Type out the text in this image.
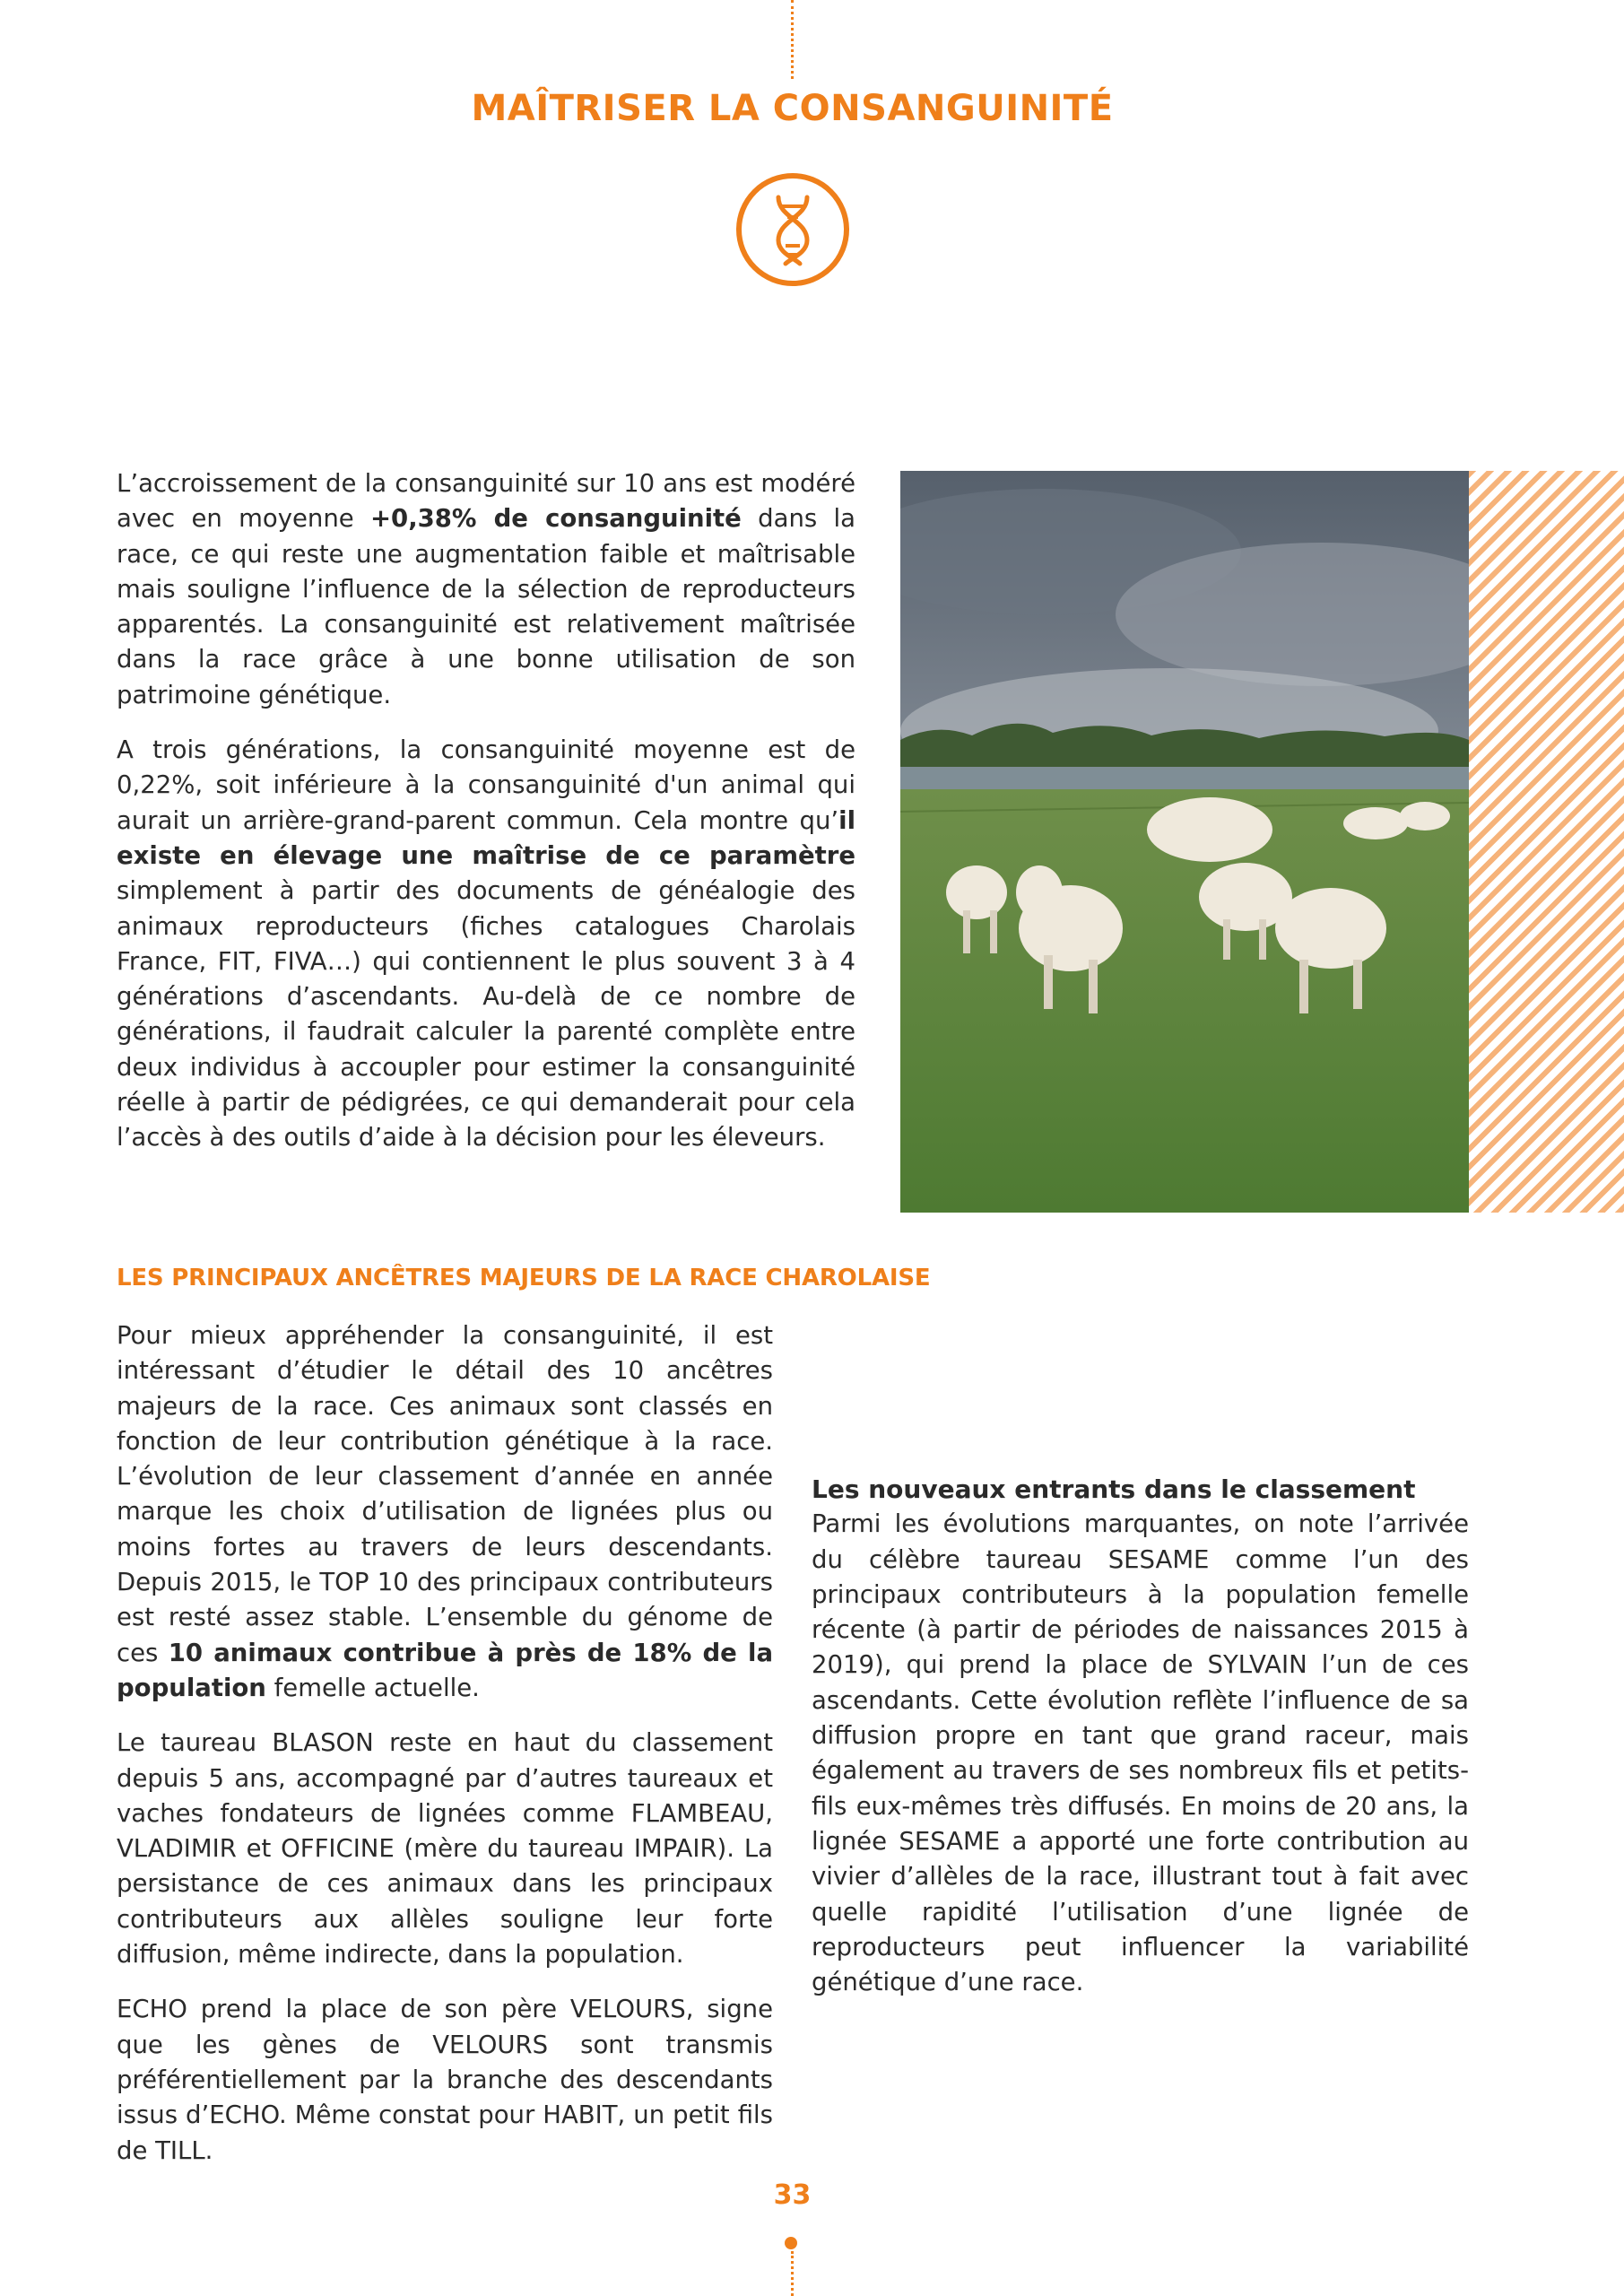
MAÎTRISER LA CONSANGUINITÉ

L’accroissement de la consanguinité sur 10 ans est modéré avec en moyenne +0,38% de consanguinité dans la race, ce qui reste une augmentation faible et maîtrisable mais souligne l’influence de la sélection de reproducteurs apparentés. La consanguinité est relativement maîtrisée dans la race grâce à une bonne utilisation de son patrimoine génétique.

A trois générations, la consanguinité moyenne est de 0,22%, soit inférieure à la consanguinité d'un animal qui aurait un arrière-grand-parent commun. Cela montre qu’il existe en élevage une maîtrise de ce paramètre simplement à partir des documents de généalogie des animaux reproducteurs (fiches catalogues Charolais France, FIT, FIVA…) qui contiennent le plus souvent 3 à 4 générations d’ascendants. Au-delà de ce nombre de générations, il faudrait calculer la parenté complète entre deux individus à accoupler pour estimer la consanguinité réelle à partir de pédigrées, ce qui demanderait pour cela l’accès à des outils d’aide à la décision pour les éleveurs.

LES PRINCIPAUX ANCÊTRES MAJEURS DE LA RACE CHAROLAISE

Pour mieux appréhender la consanguinité, il est intéressant d’étudier le détail des 10 ancêtres majeurs de la race. Ces animaux sont classés en fonction de leur contribution génétique à la race. L’évolution de leur classement d’année en année marque les choix d’utilisation de lignées plus ou moins fortes au travers de leurs descendants. Depuis 2015, le TOP 10 des principaux contributeurs est resté assez stable. L’ensemble du génome de ces 10 animaux contribue à près de 18% de la population femelle actuelle.

Le taureau BLASON reste en haut du classement depuis 5 ans, accompagné par d’autres taureaux et vaches fondateurs de lignées comme FLAMBEAU, VLADIMIR et OFFICINE (mère du taureau IMPAIR). La persistance de ces animaux dans les principaux contributeurs aux allèles souligne leur forte diffusion, même indirecte, dans la population.

ECHO prend la place de son père VELOURS, signe que les gènes de VELOURS sont transmis préférentiellement par la branche des descendants issus d’ECHO. Même constat pour HABIT, un petit fils de TILL.

Les nouveaux entrants dans le classement

Parmi les évolutions marquantes, on note l’arrivée du célèbre taureau SESAME comme l’un des principaux contributeurs à la population femelle récente (à partir de périodes de naissances 2015 à 2019), qui prend la place de SYLVAIN l’un de ces ascendants. Cette évolution reflète l’influence de sa diffusion propre en tant que grand raceur, mais également au travers de ses nombreux fils et petits-fils eux-mêmes très diffusés. En moins de 20 ans, la lignée SESAME a apporté une forte contribution au vivier d’allèles de la race, illustrant tout à fait avec quelle rapidité l’utilisation d’une lignée de reproducteurs peut influencer la variabilité génétique d’une race.

33
